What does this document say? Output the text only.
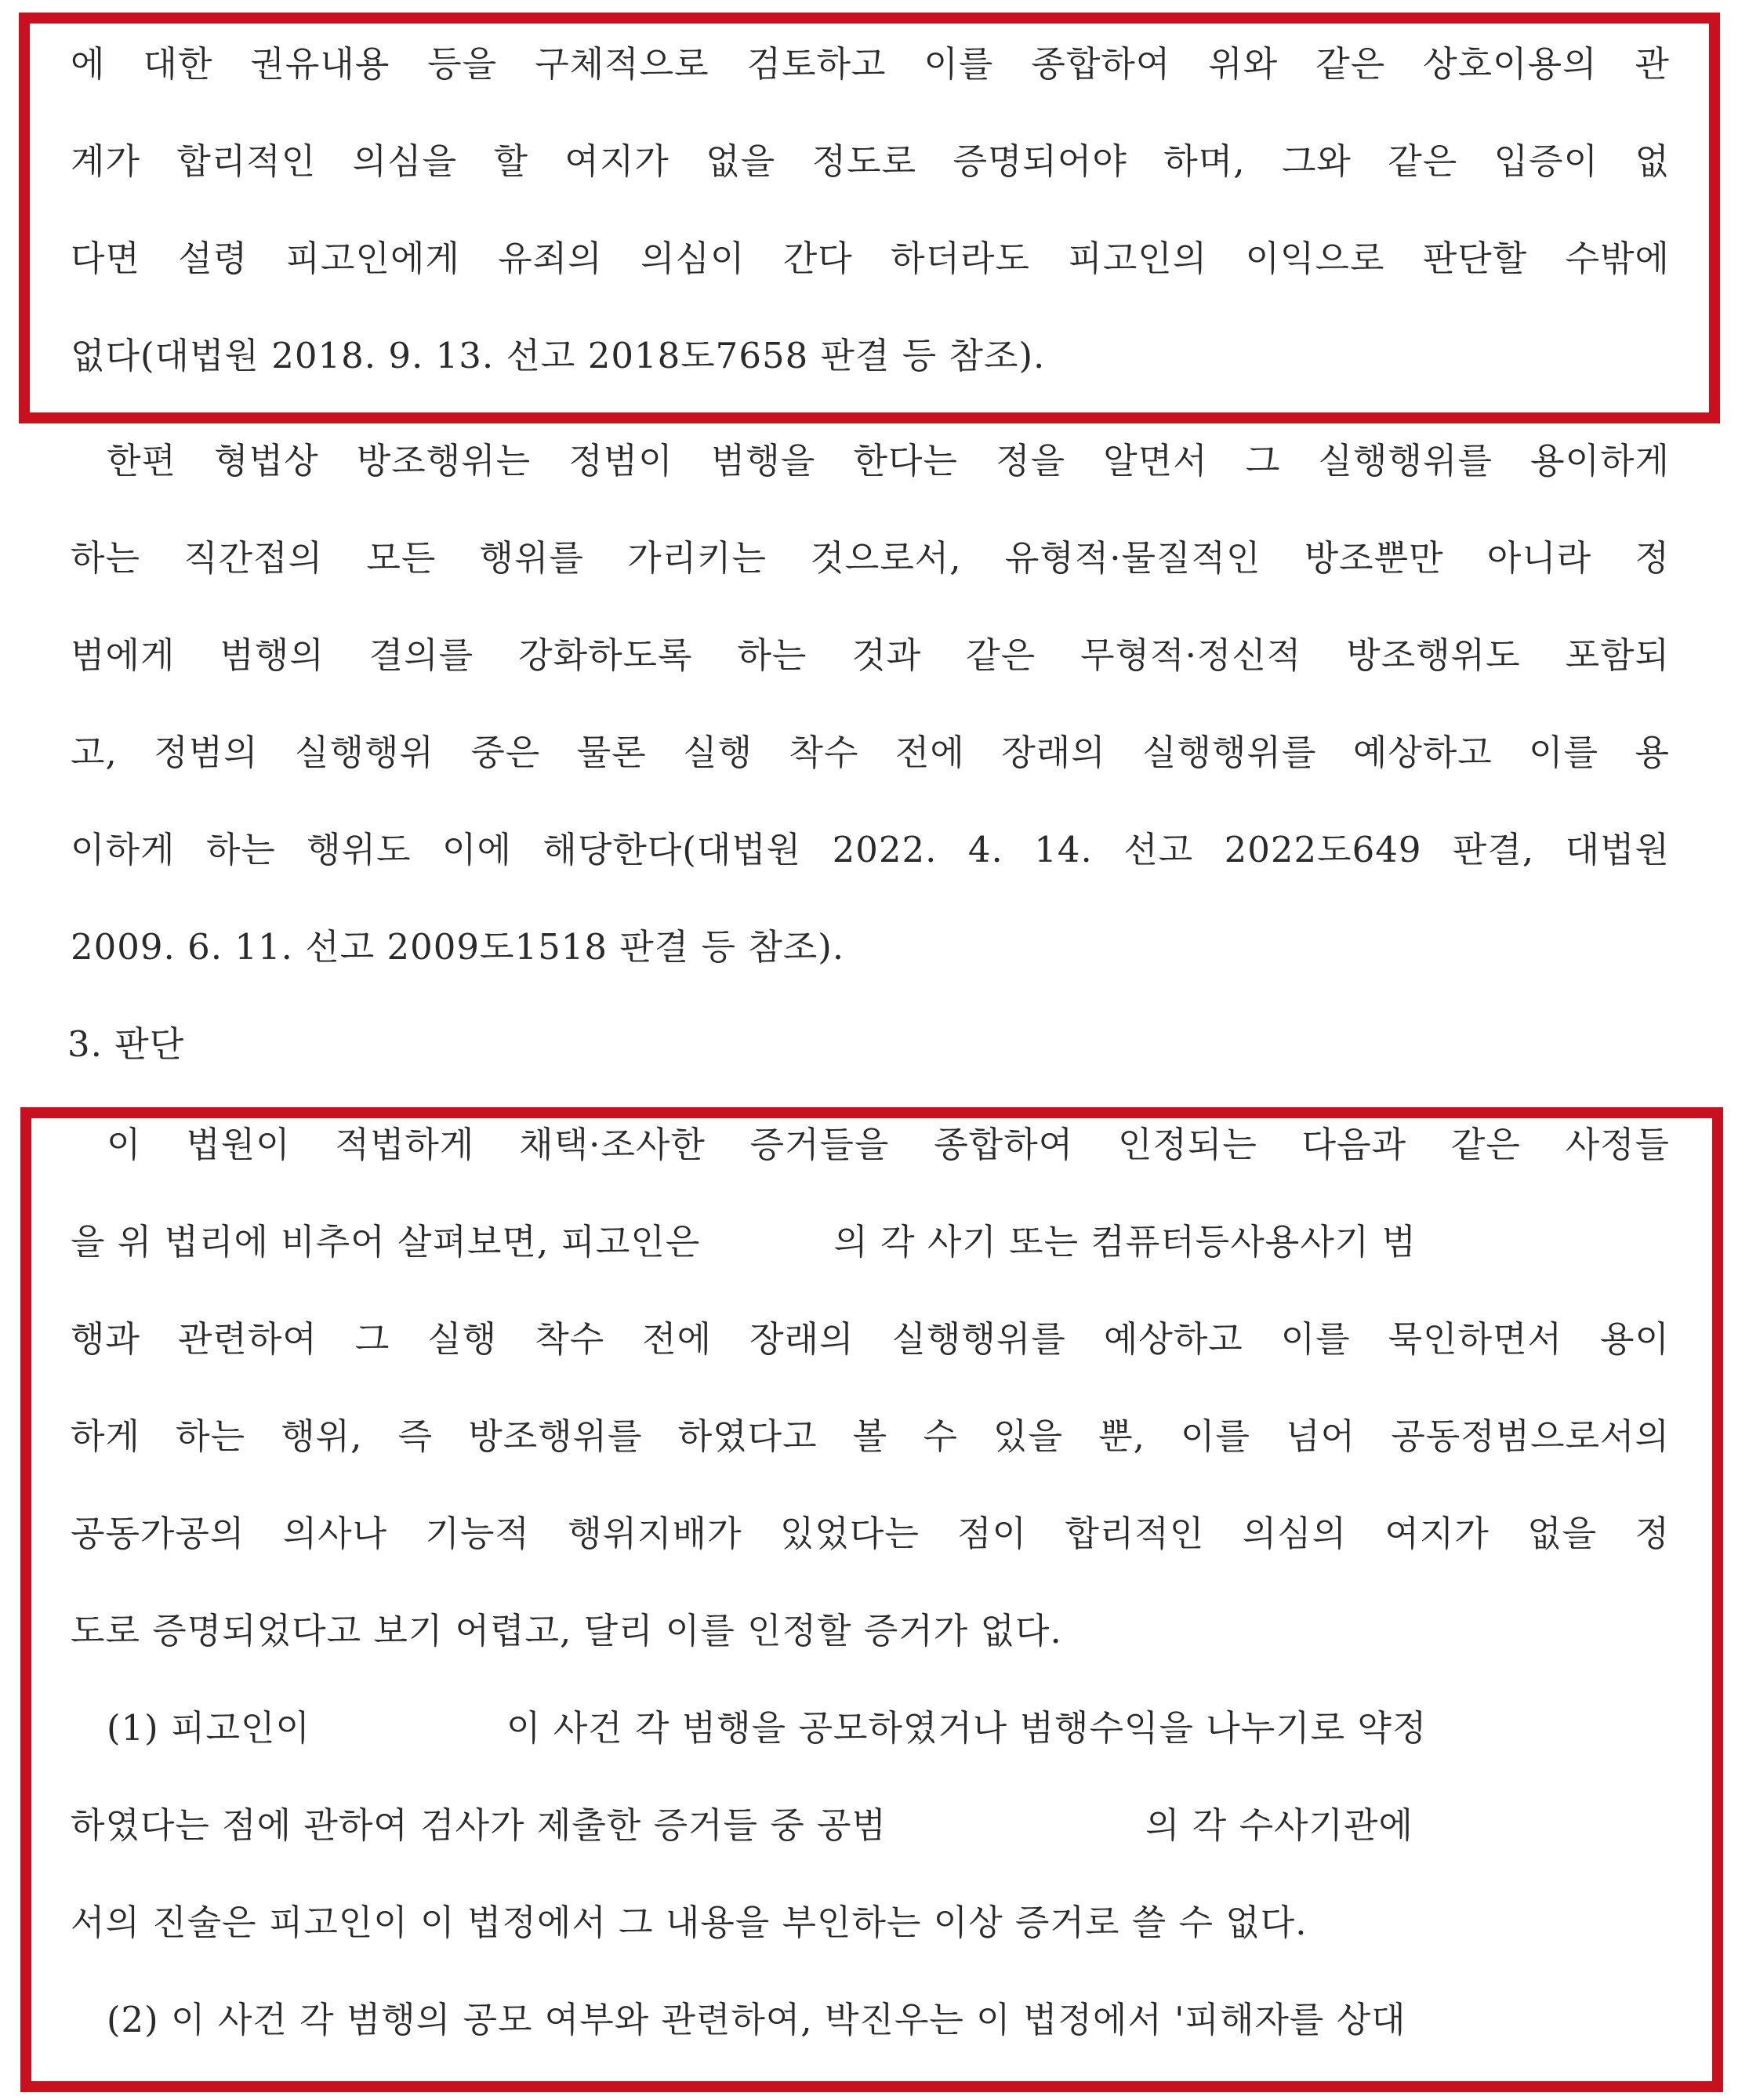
에 대한 권유내용 등을 구체적으로 검토하고 이를 종합하여 위와 같은 상호이용의 관
계가 합리적인 의심을 할 여지가 없을 정도로 증명되어야 하며, 그와 같은 입증이 없
다면 설령 피고인에게 유죄의 의심이 간다 하더라도 피고인의 이익으로 판단할 수밖에
없다(대법원 2018. 9. 13. 선고 2018도7658 판결 등 참조).
한편 형법상 방조행위는 정범이 범행을 한다는 정을 알면서 그 실행행위를 용이하게
하는 직간접의 모든 행위를 가리키는 것으로서, 유형적·물질적인 방조뿐만 아니라 정
범에게 범행의 결의를 강화하도록 하는 것과 같은 무형적·정신적 방조행위도 포함되
고, 정범의 실행행위 중은 물론 실행 착수 전에 장래의 실행행위를 예상하고 이를 용
이하게 하는 행위도 이에 해당한다(대법원 2022. 4. 14. 선고 2022도649 판결, 대법원
2009. 6. 11. 선고 2009도1518 판결 등 참조).
3. 판단
이 법원이 적법하게 채택·조사한 증거들을 종합하여 인정되는 다음과 같은 사정들
을 위 법리에 비추어 살펴보면, 피고인은	의 각 사기 또는 컴퓨터등사용사기 범
행과 관련하여 그 실행 착수 전에 장래의 실행행위를 예상하고 이를 묵인하면서 용이
하게 하는 행위, 즉 방조행위를 하였다고 볼 수 있을 뿐, 이를 넘어 공동정범으로서의
공동가공의 의사나 기능적 행위지배가 있었다는 점이 합리적인 의심의 여지가 없을 정
도로 증명되었다고 보기 어렵고, 달리 이를 인정할 증거가 없다.
(1) 피고인이	이 사건 각 범행을 공모하였거나 범행수익을 나누기로 약정
하였다는 점에 관하여 검사가 제출한 증거들 중 공범	의 각 수사기관에
서의 진술은 피고인이 이 법정에서 그 내용을 부인하는 이상 증거로 쓸 수 없다.
(2) 이 사건 각 범행의 공모 여부와 관련하여, 박진우는 이 법정에서 '피해자를 상대
